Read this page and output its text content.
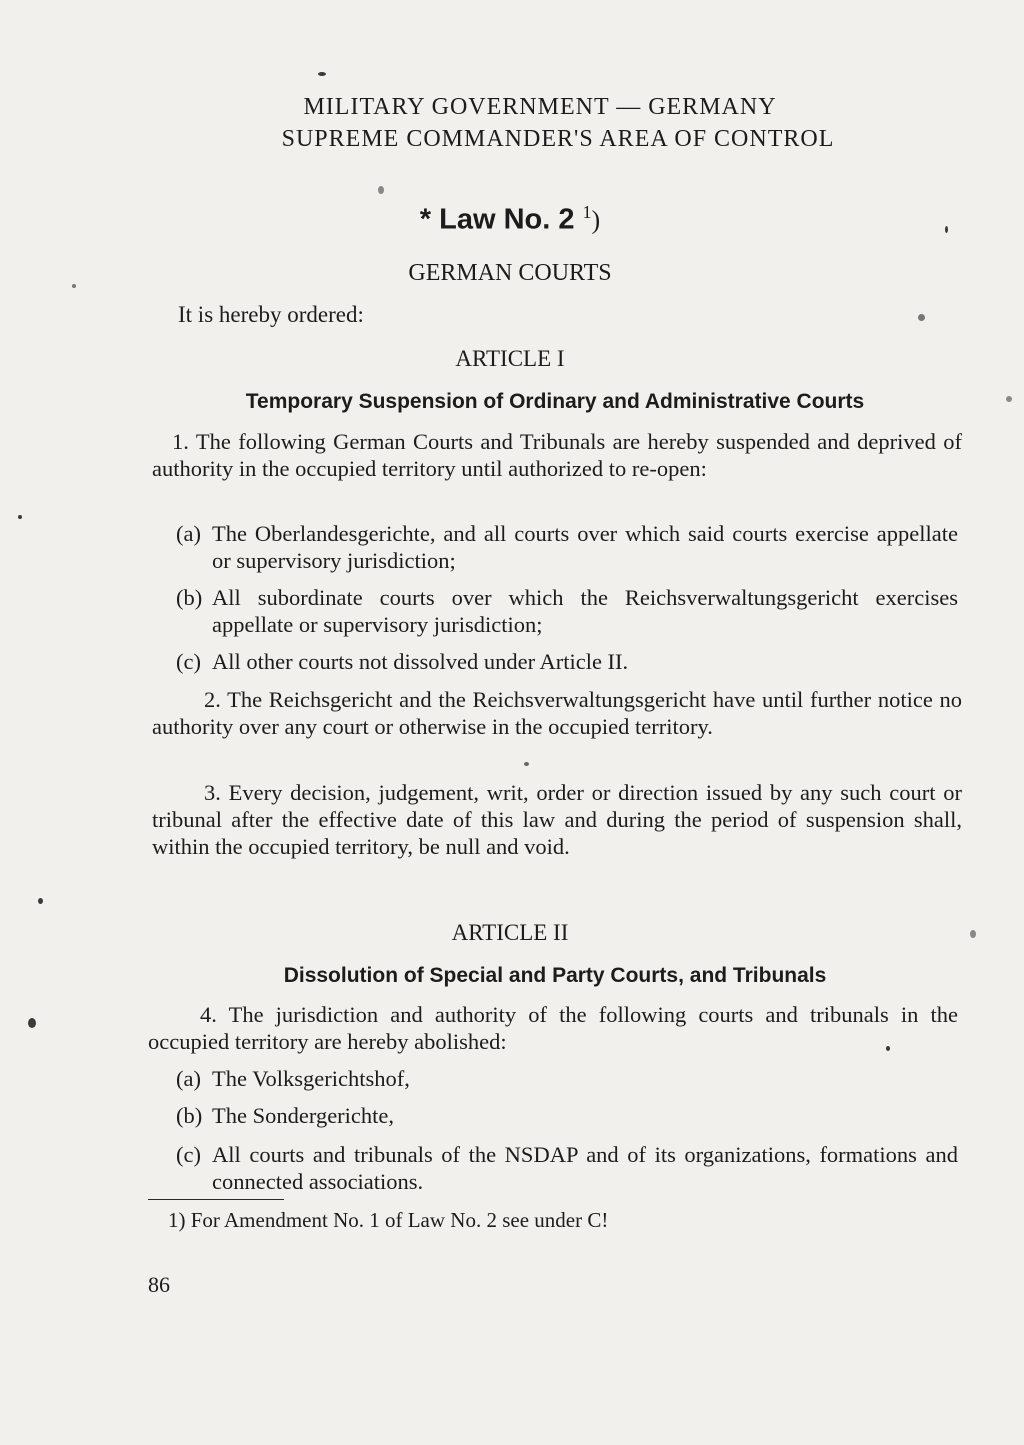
MILITARY GOVERNMENT — GERMANY
SUPREME COMMANDER'S AREA OF CONTROL
* Law No. 2 $^1$)
GERMAN COURTS
It is hereby ordered:
ARTICLE I
Temporary Suspension of Ordinary and Administrative Courts
1. The following German Courts and Tribunals are hereby suspended and deprived of authority in the occupied territory until authorized to re-open:
(a) The Oberlandesgerichte, and all courts over which said courts exercise appellate or supervisory jurisdiction;
(b) All subordinate courts over which the Reichsverwaltungsgericht exercises appellate or supervisory jurisdiction;
(c) All other courts not dissolved under Article II.
2. The Reichsgericht and the Reichsverwaltungsgericht have until further notice no authority over any court or otherwise in the occupied territory.
3. Every decision, judgement, writ, order or direction issued by any such court or tribunal after the effective date of this law and during the period of suspension shall, within the occupied territory, be null and void.
ARTICLE II
Dissolution of Special and Party Courts, and Tribunals
4. The jurisdiction and authority of the following courts and tribunals in the occupied territory are hereby abolished:
(a) The Volksgerichtshof,
(b) The Sondergerichte,
(c) All courts and tribunals of the NSDAP and of its organizations, formations and connected associations.
1) For Amendment No. 1 of Law No. 2 see under C!
86
